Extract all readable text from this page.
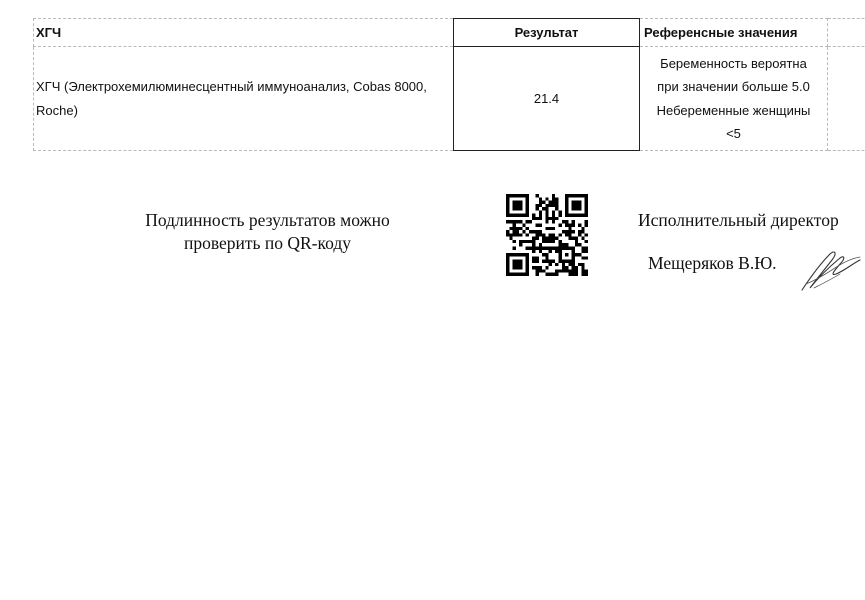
ХГЧ	Результат	Референсные значения	
ХГЧ (Электрохемилюминесцентный иммуноанализ, Cobas 8000, Roche)	21.4	Беременность вероятна
при значении больше 5.0
Небеременные женщины
<5	

Подлинность результатов можно
проверить по QR-коду

Исполнительный директор

Мещеряков В.Ю.
